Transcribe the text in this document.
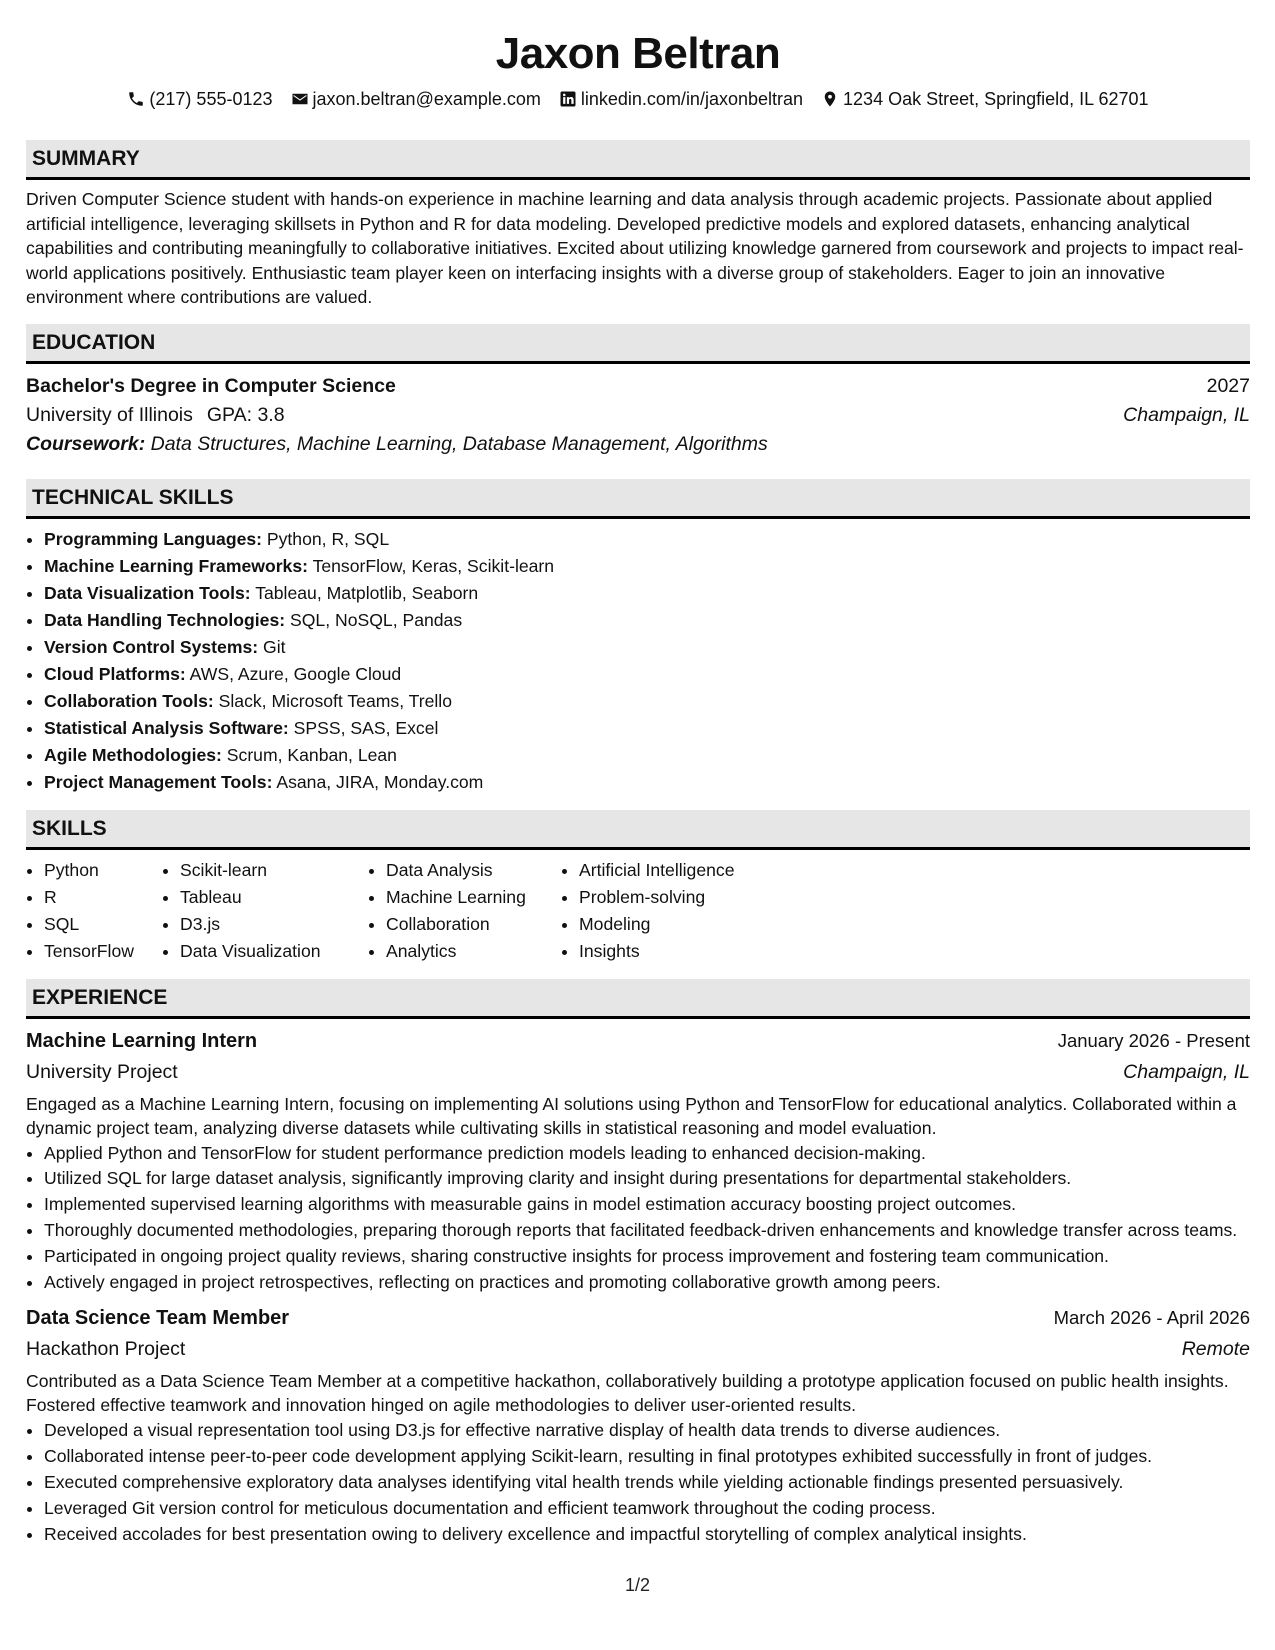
Jaxon Beltran
(217) 555-0123 jaxon.beltran@example.com linkedin.com/in/jaxonbeltran 1234 Oak Street, Springfield, IL 62701
SUMMARY

Driven Computer Science student with hands-on experience in machine learning and data analysis through academic projects. Passionate about applied artificial intelligence, leveraging skillsets in Python and R for data modeling. Developed predictive models and explored datasets, enhancing analytical capabilities and contributing meaningfully to collaborative initiatives. Excited about utilizing knowledge garnered from coursework and projects to impact real-world applications positively. Enthusiastic team player keen on interfacing insights with a diverse group of stakeholders. Eager to join an innovative environment where contributions are valued.

EDUCATION
Bachelor's Degree in Computer Science	2027
University of Illinois GPA: 3.8	Champaign, IL
Coursework: Data Structures, Machine Learning, Database Management, Algorithms
TECHNICAL SKILLS
• Programming Languages: Python, R, SQL
• Machine Learning Frameworks: TensorFlow, Keras, Scikit-learn
• Data Visualization Tools: Tableau, Matplotlib, Seaborn
• Data Handling Technologies: SQL, NoSQL, Pandas
• Version Control Systems: Git
• Cloud Platforms: AWS, Azure, Google Cloud
• Collaboration Tools: Slack, Microsoft Teams, Trello
• Statistical Analysis Software: SPSS, SAS, Excel
• Agile Methodologies: Scrum, Kanban, Lean
• Project Management Tools: Asana, JIRA, Monday.com
SKILLS
• Python
• R
• SQL
• TensorFlow
• Scikit-learn
• Tableau
• D3.js
• Data Visualization
• Data Analysis
• Machine Learning
• Collaboration
• Analytics
• Artificial Intelligence
• Problem-solving
• Modeling
• Insights
EXPERIENCE
Machine Learning Intern	January 2026 - Present
University Project	Champaign, IL

Engaged as a Machine Learning Intern, focusing on implementing AI solutions using Python and TensorFlow for educational analytics. Collaborated within a dynamic project team, analyzing diverse datasets while cultivating skills in statistical reasoning and model evaluation.

• Applied Python and TensorFlow for student performance prediction models leading to enhanced decision-making.
• Utilized SQL for large dataset analysis, significantly improving clarity and insight during presentations for departmental stakeholders.
• Implemented supervised learning algorithms with measurable gains in model estimation accuracy boosting project outcomes.
• Thoroughly documented methodologies, preparing thorough reports that facilitated feedback-driven enhancements and knowledge transfer across teams.
• Participated in ongoing project quality reviews, sharing constructive insights for process improvement and fostering team communication.
• Actively engaged in project retrospectives, reflecting on practices and promoting collaborative growth among peers.
Data Science Team Member	March 2026 - April 2026
Hackathon Project	Remote

Contributed as a Data Science Team Member at a competitive hackathon, collaboratively building a prototype application focused on public health insights. Fostered effective teamwork and innovation hinged on agile methodologies to deliver user-oriented results.

• Developed a visual representation tool using D3.js for effective narrative display of health data trends to diverse audiences.
• Collaborated intense peer-to-peer code development applying Scikit-learn, resulting in final prototypes exhibited successfully in front of judges.
• Executed comprehensive exploratory data analyses identifying vital health trends while yielding actionable findings presented persuasively.
• Leveraged Git version control for meticulous documentation and efficient teamwork throughout the coding process.
• Received accolades for best presentation owing to delivery excellence and impactful storytelling of complex analytical insights.
1/2
